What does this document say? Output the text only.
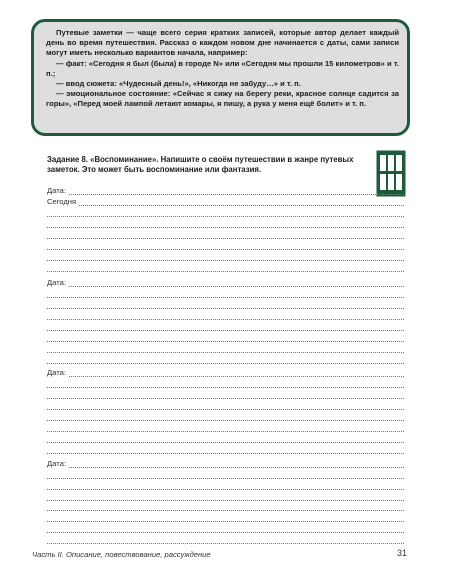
Путевые заметки — чаще всего серия кратких записей, которые автор делает каждый день во время путешествия. Рассказ о каждом новом дне начинается с даты, сами записи могут иметь несколько вариантов начала, например:

— факт: «Сегодня я был (была) в городе N» или «Сегодня мы прошли 15 километров» и т. п.;

— ввод сюжета: «Чудесный день!», «Никогда не забуду…» и т. п.

— эмоциональное состояние: «Сейчас я сижу на берегу реки, красное солнце садится за горы», «Перед моей лампой летают комары, я пишу, а рука у меня ещё болит» и т. п.

Задание 8. «Воспоминание». Напишите о своём путешествии в жанре путевых заметок. Это может быть воспоминание или фантазия.
Дата:
Сегодня
Дата:
Дата:
Дата:
Часть II. Описание, повествование, рассуждение	31
